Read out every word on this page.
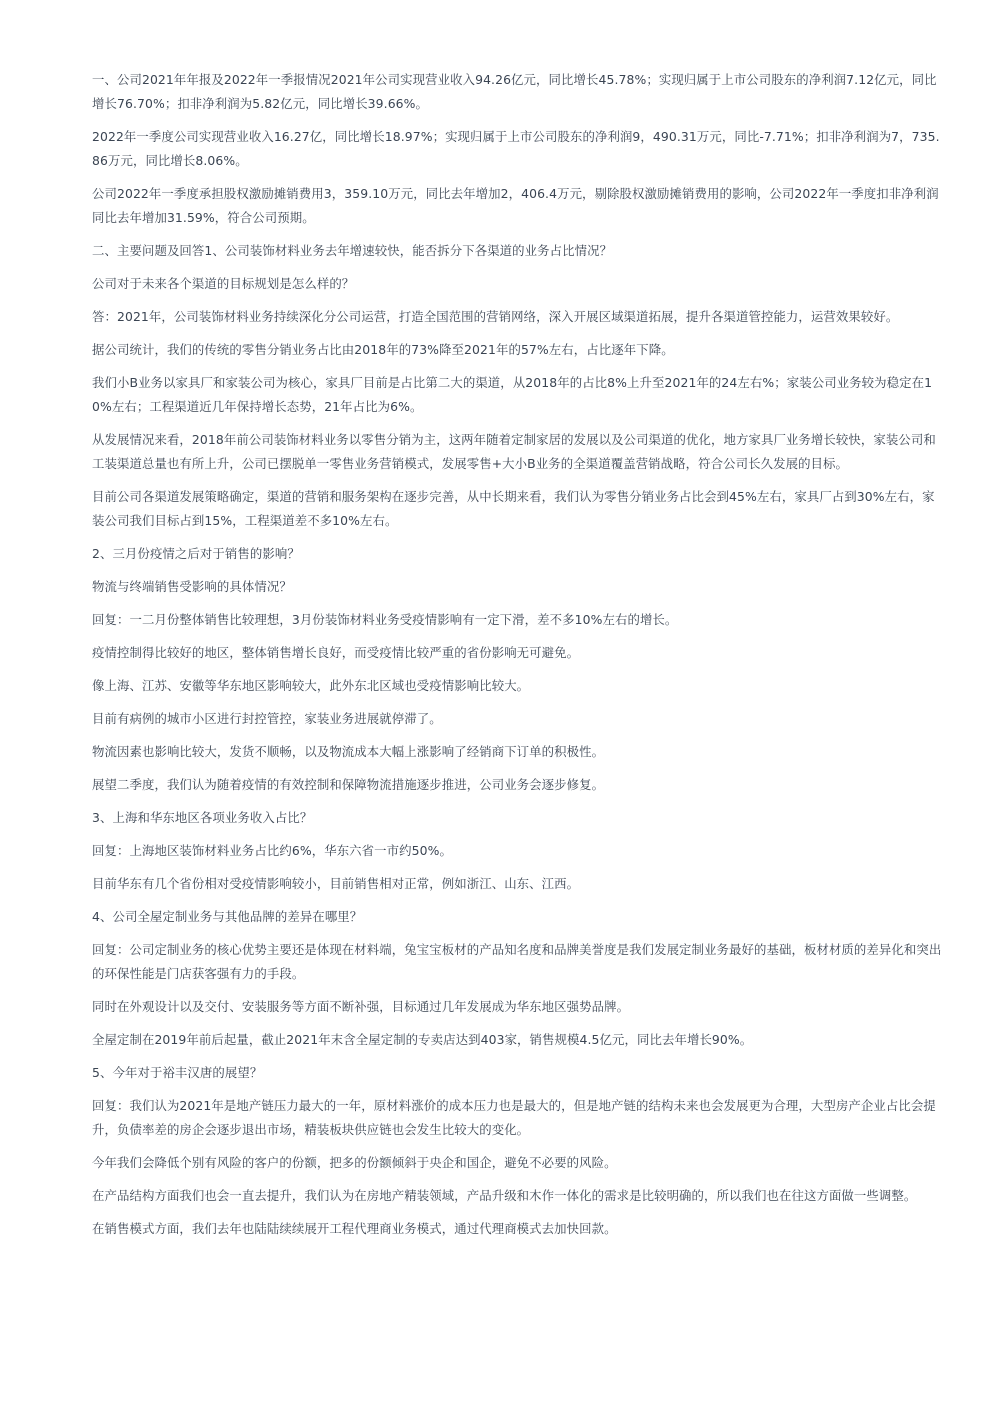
一、公司2021年年报及2022年一季报情况2021年公司实现营业收入94.26亿元，同比增长45.78%；实现归属于上市公司股东的净利润7.12亿元，同比增长76.70%；扣非净利润为5.82亿元，同比增长39.66%。

2022年一季度公司实现营业收入16.27亿，同比增长18.97%；实现归属于上市公司股东的净利润9，490.31万元，同比-7.71%；扣非净利润为7，735.86万元，同比增长8.06%。

公司2022年一季度承担股权激励摊销费用3，359.10万元，同比去年增加2，406.4万元，剔除股权激励摊销费用的影响，公司2022年一季度扣非净利润同比去年增加31.59%，符合公司预期。

二、主要问题及回答1、公司装饰材料业务去年增速较快，能否拆分下各渠道的业务占比情况？

公司对于未来各个渠道的目标规划是怎么样的？

答：2021年，公司装饰材料业务持续深化分公司运营，打造全国范围的营销网络，深入开展区域渠道拓展，提升各渠道管控能力，运营效果较好。

据公司统计，我们的传统的零售分销业务占比由2018年的73%降至2021年的57%左右，占比逐年下降。

我们小B业务以家具厂和家装公司为核心，家具厂目前是占比第二大的渠道，从2018年的占比8%上升至2021年的24左右%；家装公司业务较为稳定在10%左右；工程渠道近几年保持增长态势，21年占比为6%。

从发展情况来看，2018年前公司装饰材料业务以零售分销为主，这两年随着定制家居的发展以及公司渠道的优化，地方家具厂业务增长较快，家装公司和工装渠道总量也有所上升，公司已摆脱单一零售业务营销模式，发展零售+大小B业务的全渠道覆盖营销战略，符合公司长久发展的目标。

目前公司各渠道发展策略确定，渠道的营销和服务架构在逐步完善，从中长期来看，我们认为零售分销业务占比会到45%左右，家具厂占到30%左右，家装公司我们目标占到15%，工程渠道差不多10%左右。

2、三月份疫情之后对于销售的影响？

物流与终端销售受影响的具体情况？

回复：一二月份整体销售比较理想，3月份装饰材料业务受疫情影响有一定下滑，差不多10%左右的增长。

疫情控制得比较好的地区，整体销售增长良好，而受疫情比较严重的省份影响无可避免。

像上海、江苏、安徽等华东地区影响较大，此外东北区域也受疫情影响比较大。

目前有病例的城市小区进行封控管控，家装业务进展就停滞了。

物流因素也影响比较大，发货不顺畅，以及物流成本大幅上涨影响了经销商下订单的积极性。

展望二季度，我们认为随着疫情的有效控制和保障物流措施逐步推进，公司业务会逐步修复。

3、上海和华东地区各项业务收入占比？

回复：上海地区装饰材料业务占比约6%，华东六省一市约50%。

目前华东有几个省份相对受疫情影响较小，目前销售相对正常，例如浙江、山东、江西。

4、公司全屋定制业务与其他品牌的差异在哪里？

回复：公司定制业务的核心优势主要还是体现在材料端，兔宝宝板材的产品知名度和品牌美誉度是我们发展定制业务最好的基础，板材材质的差异化和突出的环保性能是门店获客强有力的手段。

同时在外观设计以及交付、安装服务等方面不断补强，目标通过几年发展成为华东地区强势品牌。

全屋定制在2019年前后起量，截止2021年末含全屋定制的专卖店达到403家，销售规模4.5亿元，同比去年增长90%。

5、今年对于裕丰汉唐的展望？

回复：我们认为2021年是地产链压力最大的一年，原材料涨价的成本压力也是最大的，但是地产链的结构未来也会发展更为合理，大型房产企业占比会提升，负债率差的房企会逐步退出市场，精装板块供应链也会发生比较大的变化。

今年我们会降低个别有风险的客户的份额，把多的份额倾斜于央企和国企，避免不必要的风险。

在产品结构方面我们也会一直去提升，我们认为在房地产精装领域，产品升级和木作一体化的需求是比较明确的，所以我们也在往这方面做一些调整。

在销售模式方面，我们去年也陆陆续续展开工程代理商业务模式，通过代理商模式去加快回款。
